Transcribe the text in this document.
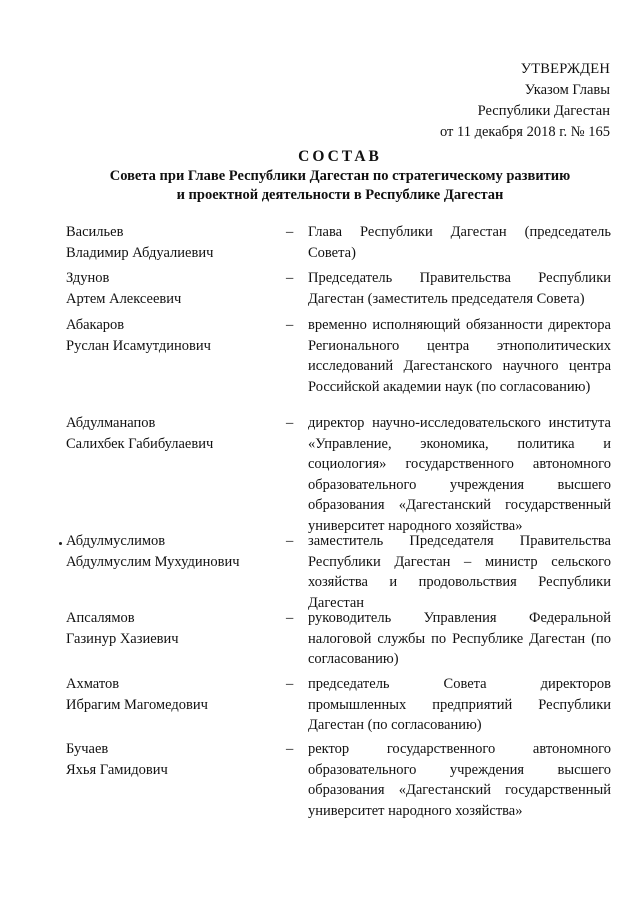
УТВЕРЖДЕН
Указом Главы
Республики Дагестан
от 11 декабря 2018 г. № 165
СОСТАВ
Совета при Главе Республики Дагестан по стратегическому развитию
и проектной деятельности в Республике Дагестан
Васильев
Владимир Абдуалиевич
–	Глава Республики Дагестан (председатель Совета)
Здунов
Артем Алексеевич
–	Председатель Правительства Республики Дагестан (заместитель председателя Совета)
Абакаров
Руслан Исамутдинович
–	временно исполняющий обязанности директора Регионального центра этнополитических исследований Дагестанского научного центра Российской академии наук (по согласованию)
Абдулманапов
Салихбек Габибулаевич
–	директор научно-исследовательского института «Управление, экономика, политика и социология» государственного автономного образовательного учреждения высшего образования «Дагестанский государственный университет народного хозяйства»
Абдулмуслимов
Абдулмуслим Мухудинович
–	заместитель Председателя Правительства Республики Дагестан – министр сельского хозяйства и продовольствия Республики Дагестан
Апсалямов
Газинур Хазиевич
–	руководитель Управления Федеральной налоговой службы по Республике Дагестан (по согласованию)
Ахматов
Ибрагим Магомедович
–	председатель Совета директоров промышленных предприятий Республики Дагестан (по согласованию)
Бучаев
Яхья Гамидович
–	ректор государственного автономного образовательного учреждения высшего образования «Дагестанский государственный университет народного хозяйства»
